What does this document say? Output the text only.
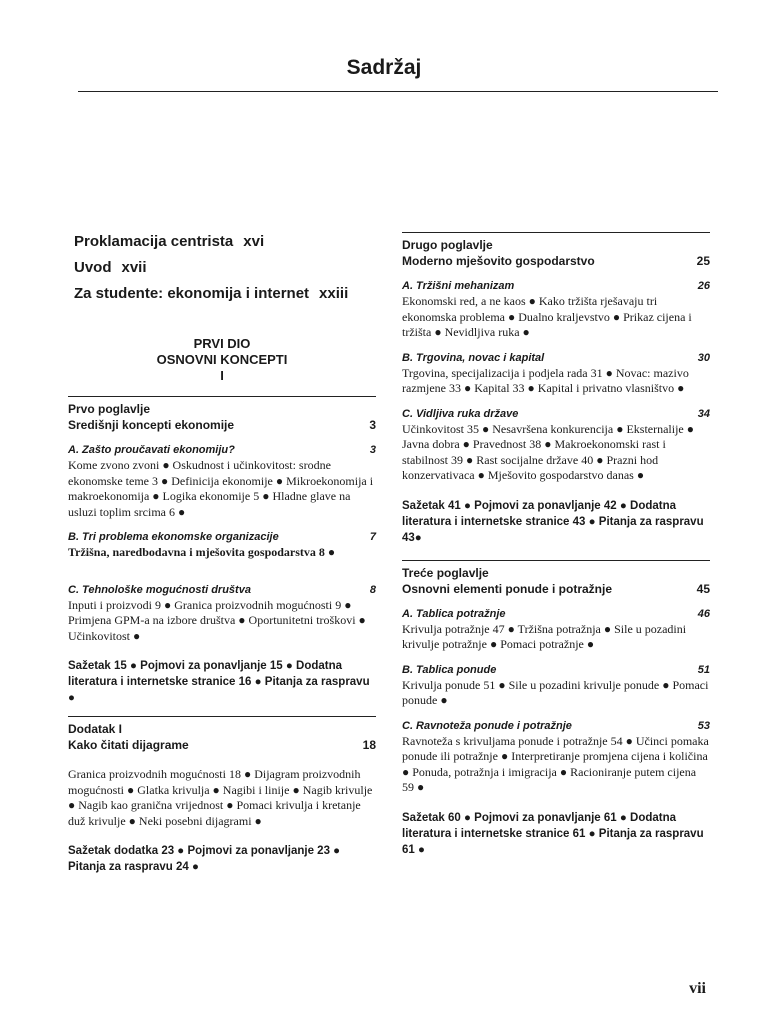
Sadržaj
Proklamacija centrista xvi
Uvod xvii
Za studente: ekonomija i internet xxiii
PRVI DIO
OSNOVNI KONCEPTI
I
Prvo poglavlje
Središnji koncepti ekonomije	3
A. Zašto proučavati ekonomiju?	3
Kome zvono zvoni ● Oskudnost i učinkovitost: srodne ekonomske teme 3 ● Definicija ekonomije ● Mikroekonomija i makroekonomija ● Logika ekonomije 5 ● Hladne glave na usluzi toplim srcima 6 ●
B. Tri problema ekonomske organizacije	7
Tržišna, naredbodavna i mješovita gospodarstva 8 ●
C. Tehnološke mogućnosti društva	8
Inputi i proizvodi 9 ● Granica proizvodnih mogućnosti 9 ● Primjena GPM-a na izbore društva ● Oportunitetni troškovi ● Učinkovitost ●
Sažetak 15 ● Pojmovi za ponavljanje 15 ● Dodatna literatura i internetske stranice 16 ● Pitanja za raspravu ●
Dodatak I
Kako čitati dijagrame	18
Granica proizvodnih mogućnosti 18 ● Dijagram proizvodnih mogućnosti ● Glatka krivulja ● Nagibi i linije ● Nagib krivulje ● Nagib kao granična vrijednost ● Pomaci krivulja i kretanje duž krivulje ● Neki posebni dijagrami ●
Sažetak dodatka 23 ● Pojmovi za ponavljanje 23 ● Pitanja za raspravu 24 ●
Drugo poglavlje
Moderno mješovito gospodarstvo	25
A. Tržišni mehanizam	26
Ekonomski red, a ne kaos ● Kako tržišta rješavaju tri ekonomska problema ● Dualno kraljevstvo ● Prikaz cijena i tržišta ● Nevidljiva ruka ●
B. Trgovina, novac i kapital	30
Trgovina, specijalizacija i podjela rada 31 ● Novac: mazivo razmjene 33 ● Kapital 33 ● Kapital i privatno vlasništvo ●
C. Vidljiva ruka države	34
Učinkovitost 35 ● Nesavršena konkurencija ● Eksternalije ● Javna dobra ● Pravednost 38 ● Makroekonomski rast i stabilnost 39 ● Rast socijalne države 40 ● Prazni hod konzervativaca ● Mješovito gospodarstvo danas ●
Sažetak 41 ● Pojmovi za ponavljanje 42 ● Dodatna literatura i internetske stranice 43 ● Pitanja za raspravu 43●
Treće poglavlje
Osnovni elementi ponude i potražnje	45
A. Tablica potražnje	46
Krivulja potražnje 47 ● Tržišna potražnja ● Sile u pozadini krivulje potražnje ● Pomaci potražnje ●
B. Tablica ponude	51
Krivulja ponude 51 ● Sile u pozadini krivulje ponude ● Pomaci ponude ●
C. Ravnoteža ponude i potražnje	53
Ravnoteža s krivuljama ponude i potražnje 54 ● Učinci pomaka ponude ili potražnje ● Interpretiranje promjena cijena i količina ● Ponuda, potražnja i imigracija ● Racioniranje putem cijena 59 ●
Sažetak 60 ● Pojmovi za ponavljanje 61 ● Dodatna literatura i internetske stranice 61 ● Pitanja za raspravu 61 ●
vii
